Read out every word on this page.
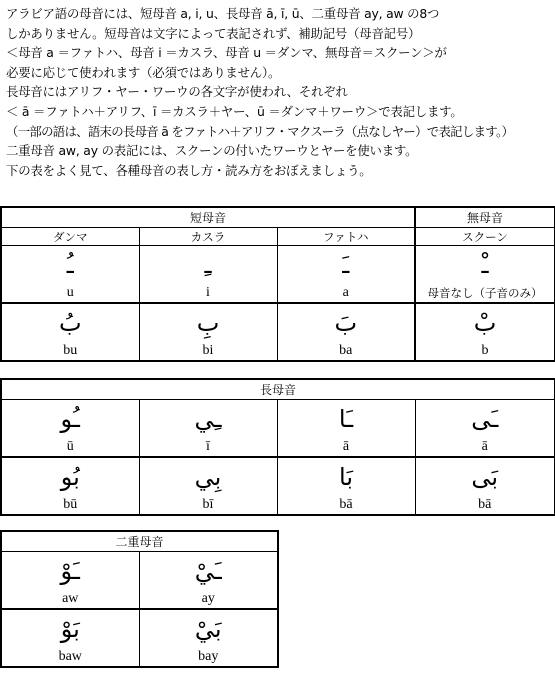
アラビア語の母音には、短母音 a, i, u、長母音 ā, ī, ū、二重母音 ay, aw の8つ

しかありません。短母音は文字によって表記されず、補助記号（母音記号）

＜母音 a ＝ファトハ、母音 i ＝カスラ、母音 u ＝ダンマ、無母音＝スクーン＞が

必要に応じて使われます（必須ではありません）。

長母音にはアリフ・ヤー・ワーウの各文字が使われ、それぞれ

＜ ā ＝ファトハ＋アリフ、ī ＝カスラ＋ヤー、ū ＝ダンマ＋ワーウ＞で表記します。

（一部の語は、語末の長母音 ā をファトハ＋アリフ・マクスーラ（点なしヤー）で表記します。）

二重母音 aw, ay の表記には、スクーンの付いたワーウとヤーを使います。

下の表をよく見て、各種母音の表し方・読み方をおぼえましょう。

短母音			無母音
ダンマ	カスラ	ファトハ	スクーン
ـُ	ـِ	ـَ	ـْ
u	i	a	母音なし（子音のみ）
بُ	بِ	بَ	بْ
bu	bi	ba	b
長母音			
ـُو	ـِي	ـَا	ـَى
ū	ī	ā	ā
بُو	بِي	بَا	بَى
bū	bī	bā	bā
二重母音	
ـَوْ	ـَيْ
aw	ay
بَوْ	بَيْ
baw	bay
